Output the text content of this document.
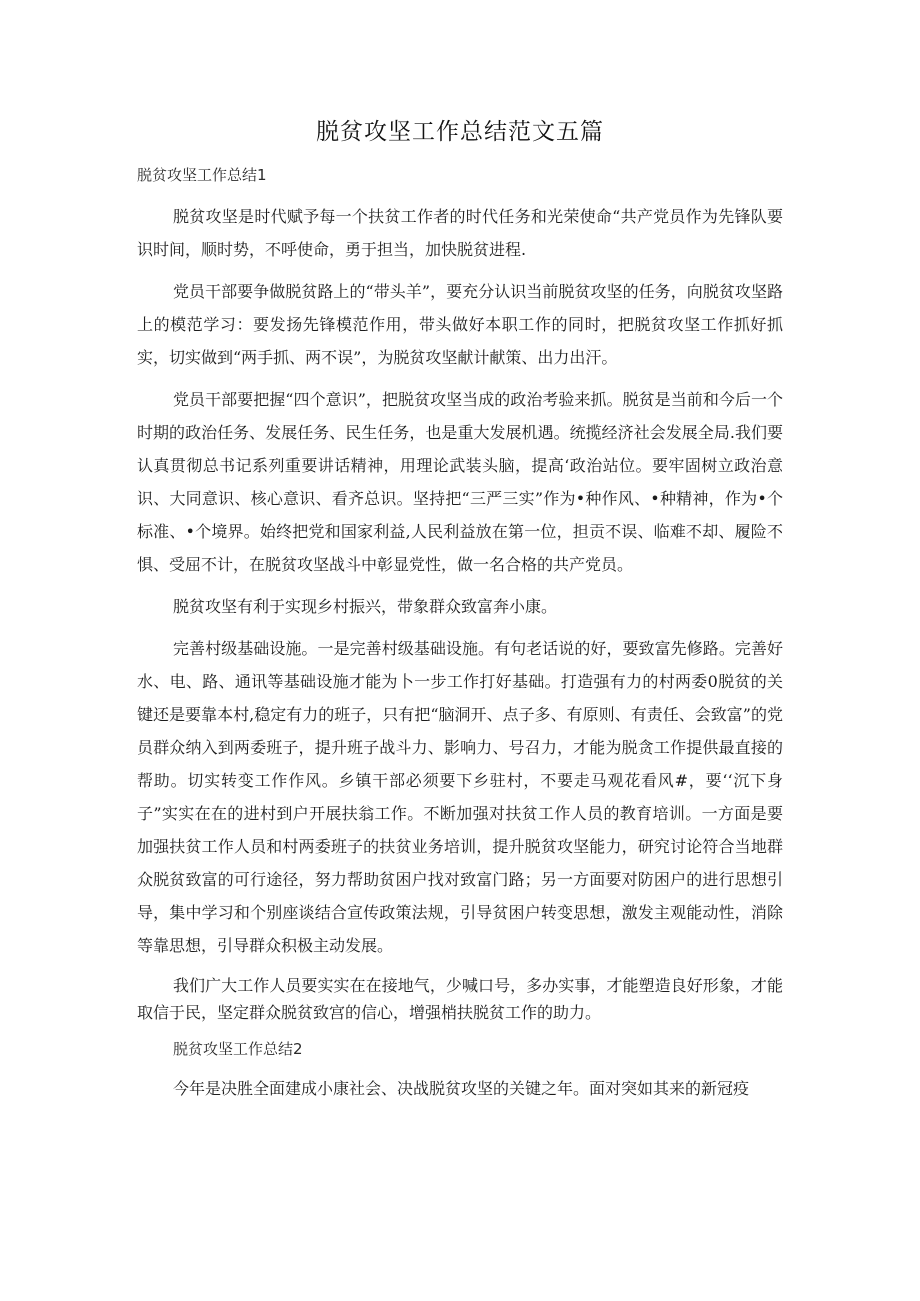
脱贫攻坚工作总结范文五篇

脱贫攻坚工作总结1

脱贫攻坚是时代赋予每一个扶贫工作者的时代任务和光荣使命“共产党员作为先锋队要识时间，顺时势，不呼使命，勇于担当，加快脱贫进程.

党员干部要争做脱贫路上的“带头羊”，要充分认识当前脱贫攻坚的任务，向脱贫攻坚路上的模范学习：要发扬先锋模范作用，带头做好本职工作的同时，把脱贫攻坚工作抓好抓实，切实做到“两手抓、两不误”，为脱贫攻坚献计献策、出力出汗。

党员干部要把握“四个意识”，把脱贫攻坚当成的政治考验来抓。脱贫是当前和今后一个时期的政治任务、发展任务、民生任务，也是重大发展机遇。统揽经济社会发展全局.我们要认真贯彻总书记系列重要讲话精神，用理论武装头脑，提高‘政治站位。要牢固树立政治意识、大同意识、核心意识、看齐总识。坚持把“三严三实”作为•种作风、•种精神，作为•个标准、•个境界。始终把党和国家利益,人民利益放在第一位，担贡不误、临难不却、履险不惧、受屈不计，在脱贫攻坚战斗中彰显党性，做一名合格的共产党员。

脱贫攻坚有利于实现乡村振兴，带象群众致富奔小康。

完善村级基础设施。一是完善村级基础设施。有句老话说的好，要致富先修路。完善好水、电、路、通讯等基础设施才能为卜一步工作打好基础。打造强有力的村两委0脱贫的关键还是要靠本村,稳定有力的班子，只有把“脑洞开、点子多、有原则、有责任、会致富”的党员群众纳入到两委班子，提升班子战斗力、影响力、号召力，才能为脱贪工作提供最直接的帮助。切实转变工作作风。乡镇干部必须要下乡驻村，不要走马观花看风#，要‘‘沉下身子”实实在在的进村到户开展扶翁工作。不断加强对扶贫工作人员的教育培训。一方面是要加强扶贫工作人员和村两委班子的扶贫业务培训，提升脱贫攻坚能力，研究讨论符合当地群众脱贫致富的可行途径，努力帮助贫困户找对致富门路；另一方面要对防困户的进行思想引导，集中学习和个别座谈结合宣传政策法规，引导贫困户转变思想，激发主观能动性，消除等靠思想，引导群众积极主动发展。

我们广大工作人员要实实在在接地气，少喊口号，多办实事，才能塑造良好形象，才能取信于民，坚定群众脱贫致宫的信心，增强梢扶脱贫工作的助力。

脱贫攻坚工作总结2

今年是决胜全面建成小康社会、决战脱贫攻坚的关键之年。面对突如其来的新冠疫
